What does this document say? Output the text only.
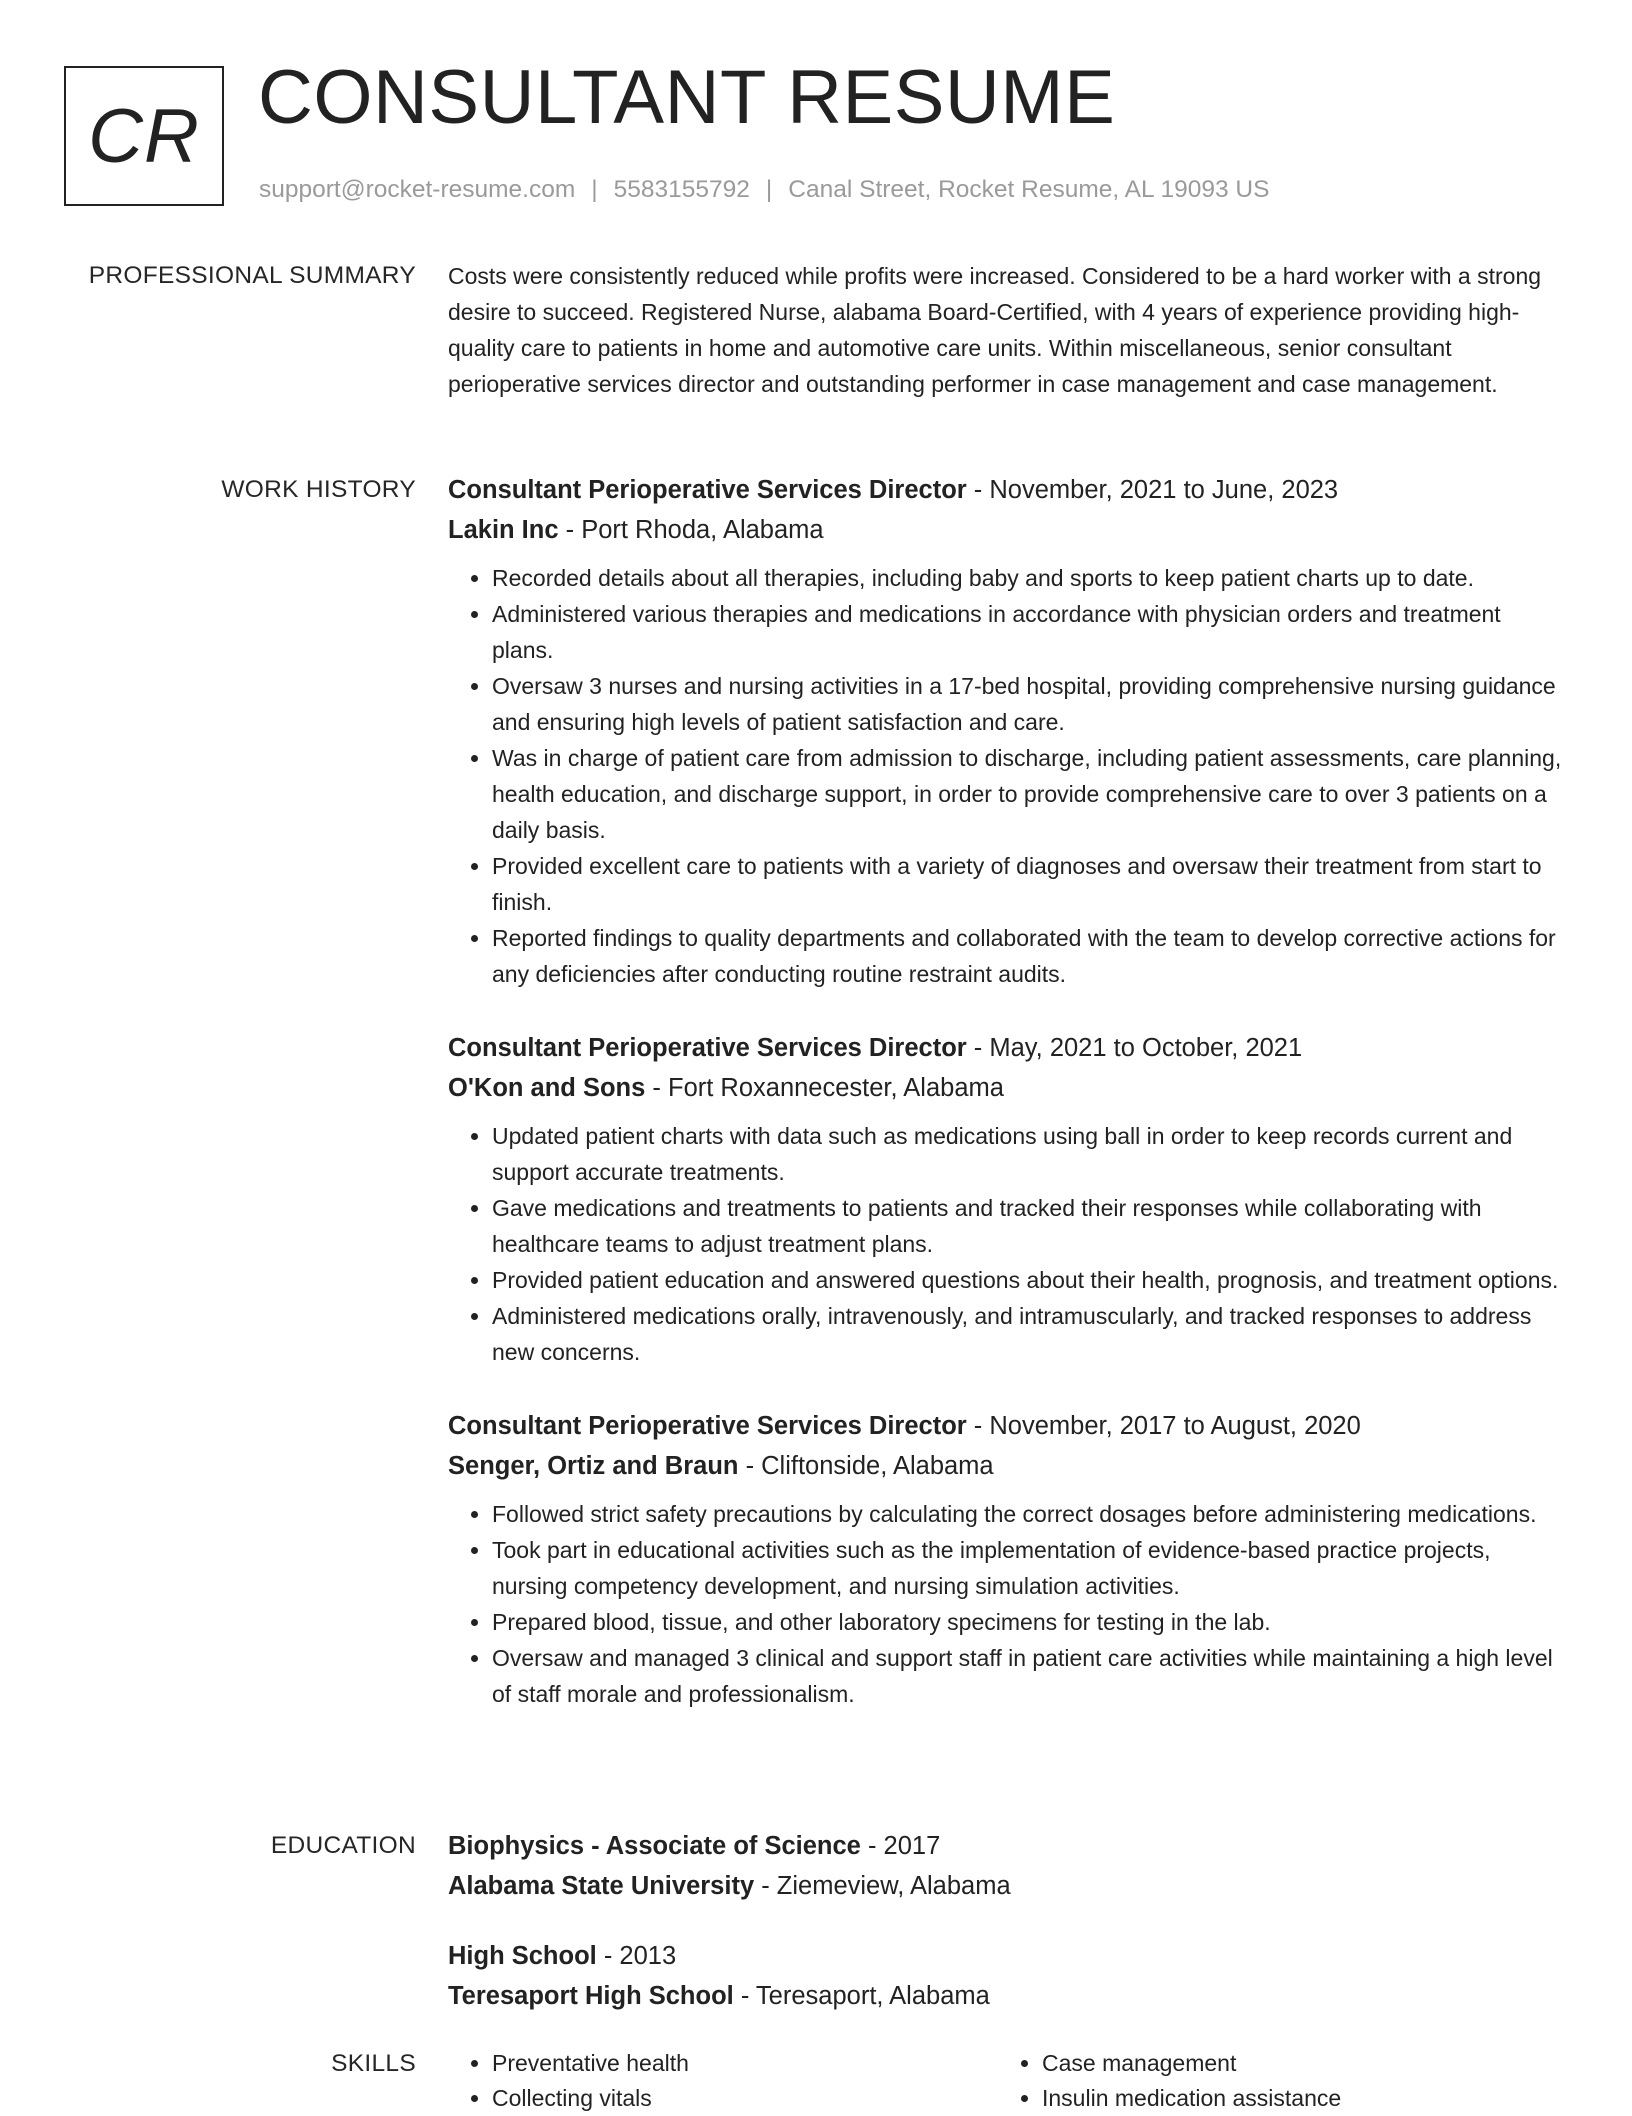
CR CONSULTANT RESUME
support@rocket-resume.com | 5583155792 | Canal Street, Rocket Resume, AL 19093 US
PROFESSIONAL SUMMARY Costs were consistently reduced while profits were increased. Considered to be a hard worker with a strong desire to succeed. Registered Nurse, alabama Board-Certified, with 4 years of experience providing high-quality care to patients in home and automotive care units. Within miscellaneous, senior consultant perioperative services director and outstanding performer in case management and case management.

WORK HISTORY Consultant Perioperative Services Director - November, 2021 to June, 2023
Lakin Inc - Port Rhoda, Alabama
• Recorded details about all therapies, including baby and sports to keep patient charts up to date.
• Administered various therapies and medications in accordance with physician orders and treatment plans.
• Oversaw 3 nurses and nursing activities in a 17-bed hospital, providing comprehensive nursing guidance and ensuring high levels of patient satisfaction and care.
• Was in charge of patient care from admission to discharge, including patient assessments, care planning, health education, and discharge support, in order to provide comprehensive care to over 3 patients on a daily basis.
• Provided excellent care to patients with a variety of diagnoses and oversaw their treatment from start to finish.
• Reported findings to quality departments and collaborated with the team to develop corrective actions for any deficiencies after conducting routine restraint audits.
Consultant Perioperative Services Director - May, 2021 to October, 2021
O'Kon and Sons - Fort Roxannecester, Alabama
• Updated patient charts with data such as medications using ball in order to keep records current and support accurate treatments.
• Gave medications and treatments to patients and tracked their responses while collaborating with healthcare teams to adjust treatment plans.
• Provided patient education and answered questions about their health, prognosis, and treatment options.
• Administered medications orally, intravenously, and intramuscularly, and tracked responses to address new concerns.
Consultant Perioperative Services Director - November, 2017 to August, 2020
Senger, Ortiz and Braun - Cliftonside, Alabama
• Followed strict safety precautions by calculating the correct dosages before administering medications.
• Took part in educational activities such as the implementation of evidence-based practice projects, nursing competency development, and nursing simulation activities.
• Prepared blood, tissue, and other laboratory specimens for testing in the lab.
• Oversaw and managed 3 clinical and support staff in patient care activities while maintaining a high level of staff morale and professionalism.
EDUCATION Biophysics - Associate of Science - 2017
Alabama State University - Ziemeview, Alabama
High School - 2013
Teresaport High School - Teresaport, Alabama
SKILLS
•	Preventative health
• Collecting vitals
• Case management
• Insulin medication assistance
